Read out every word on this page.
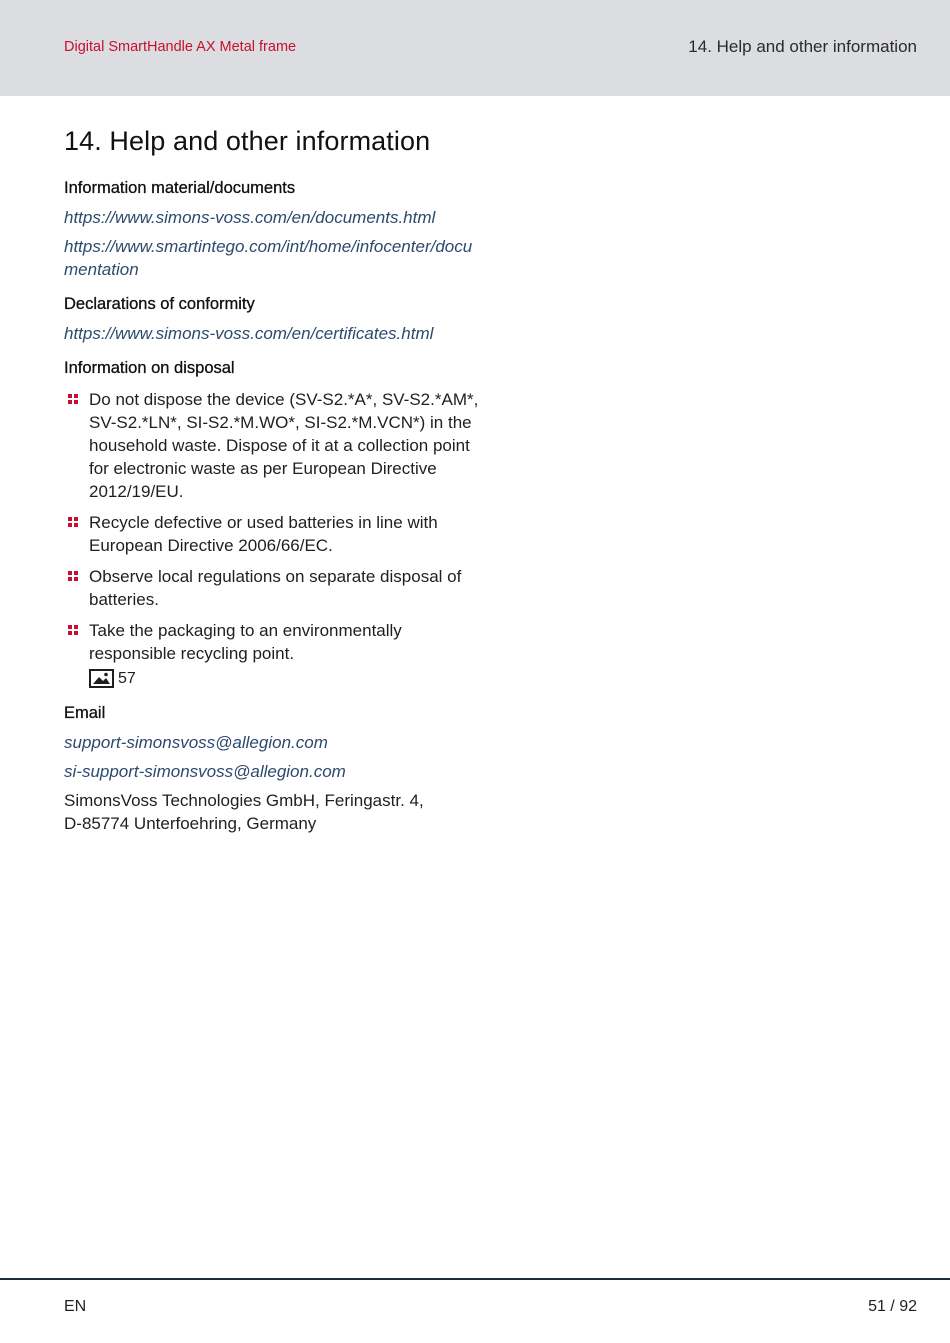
Digital SmartHandle AX Metal frame	14. Help and other information
14. Help and other information
Information material/documents
https://www.simons-voss.com/en/documents.html
https://www.smartintego.com/int/home/infocenter/documentation
Declarations of conformity
https://www.simons-voss.com/en/certificates.html
Information on disposal
Do not dispose the device (SV-S2.*A*, SV-S2.*AM*, SV-S2.*LN*, SI-S2.*M.WO*, SI-S2.*M.VCN*) in the household waste. Dispose of it at a collection point for electronic waste as per European Directive 2012/19/EU.
Recycle defective or used batteries in line with European Directive 2006/66/EC.
Observe local regulations on separate disposal of batteries.
Take the packaging to an environmentally responsible recycling point.
57
Email
support-simonsvoss@allegion.com
si-support-simonsvoss@allegion.com
SimonsVoss Technologies GmbH, Feringastr. 4,
D-85774 Unterfoehring, Germany
EN	51 / 92
